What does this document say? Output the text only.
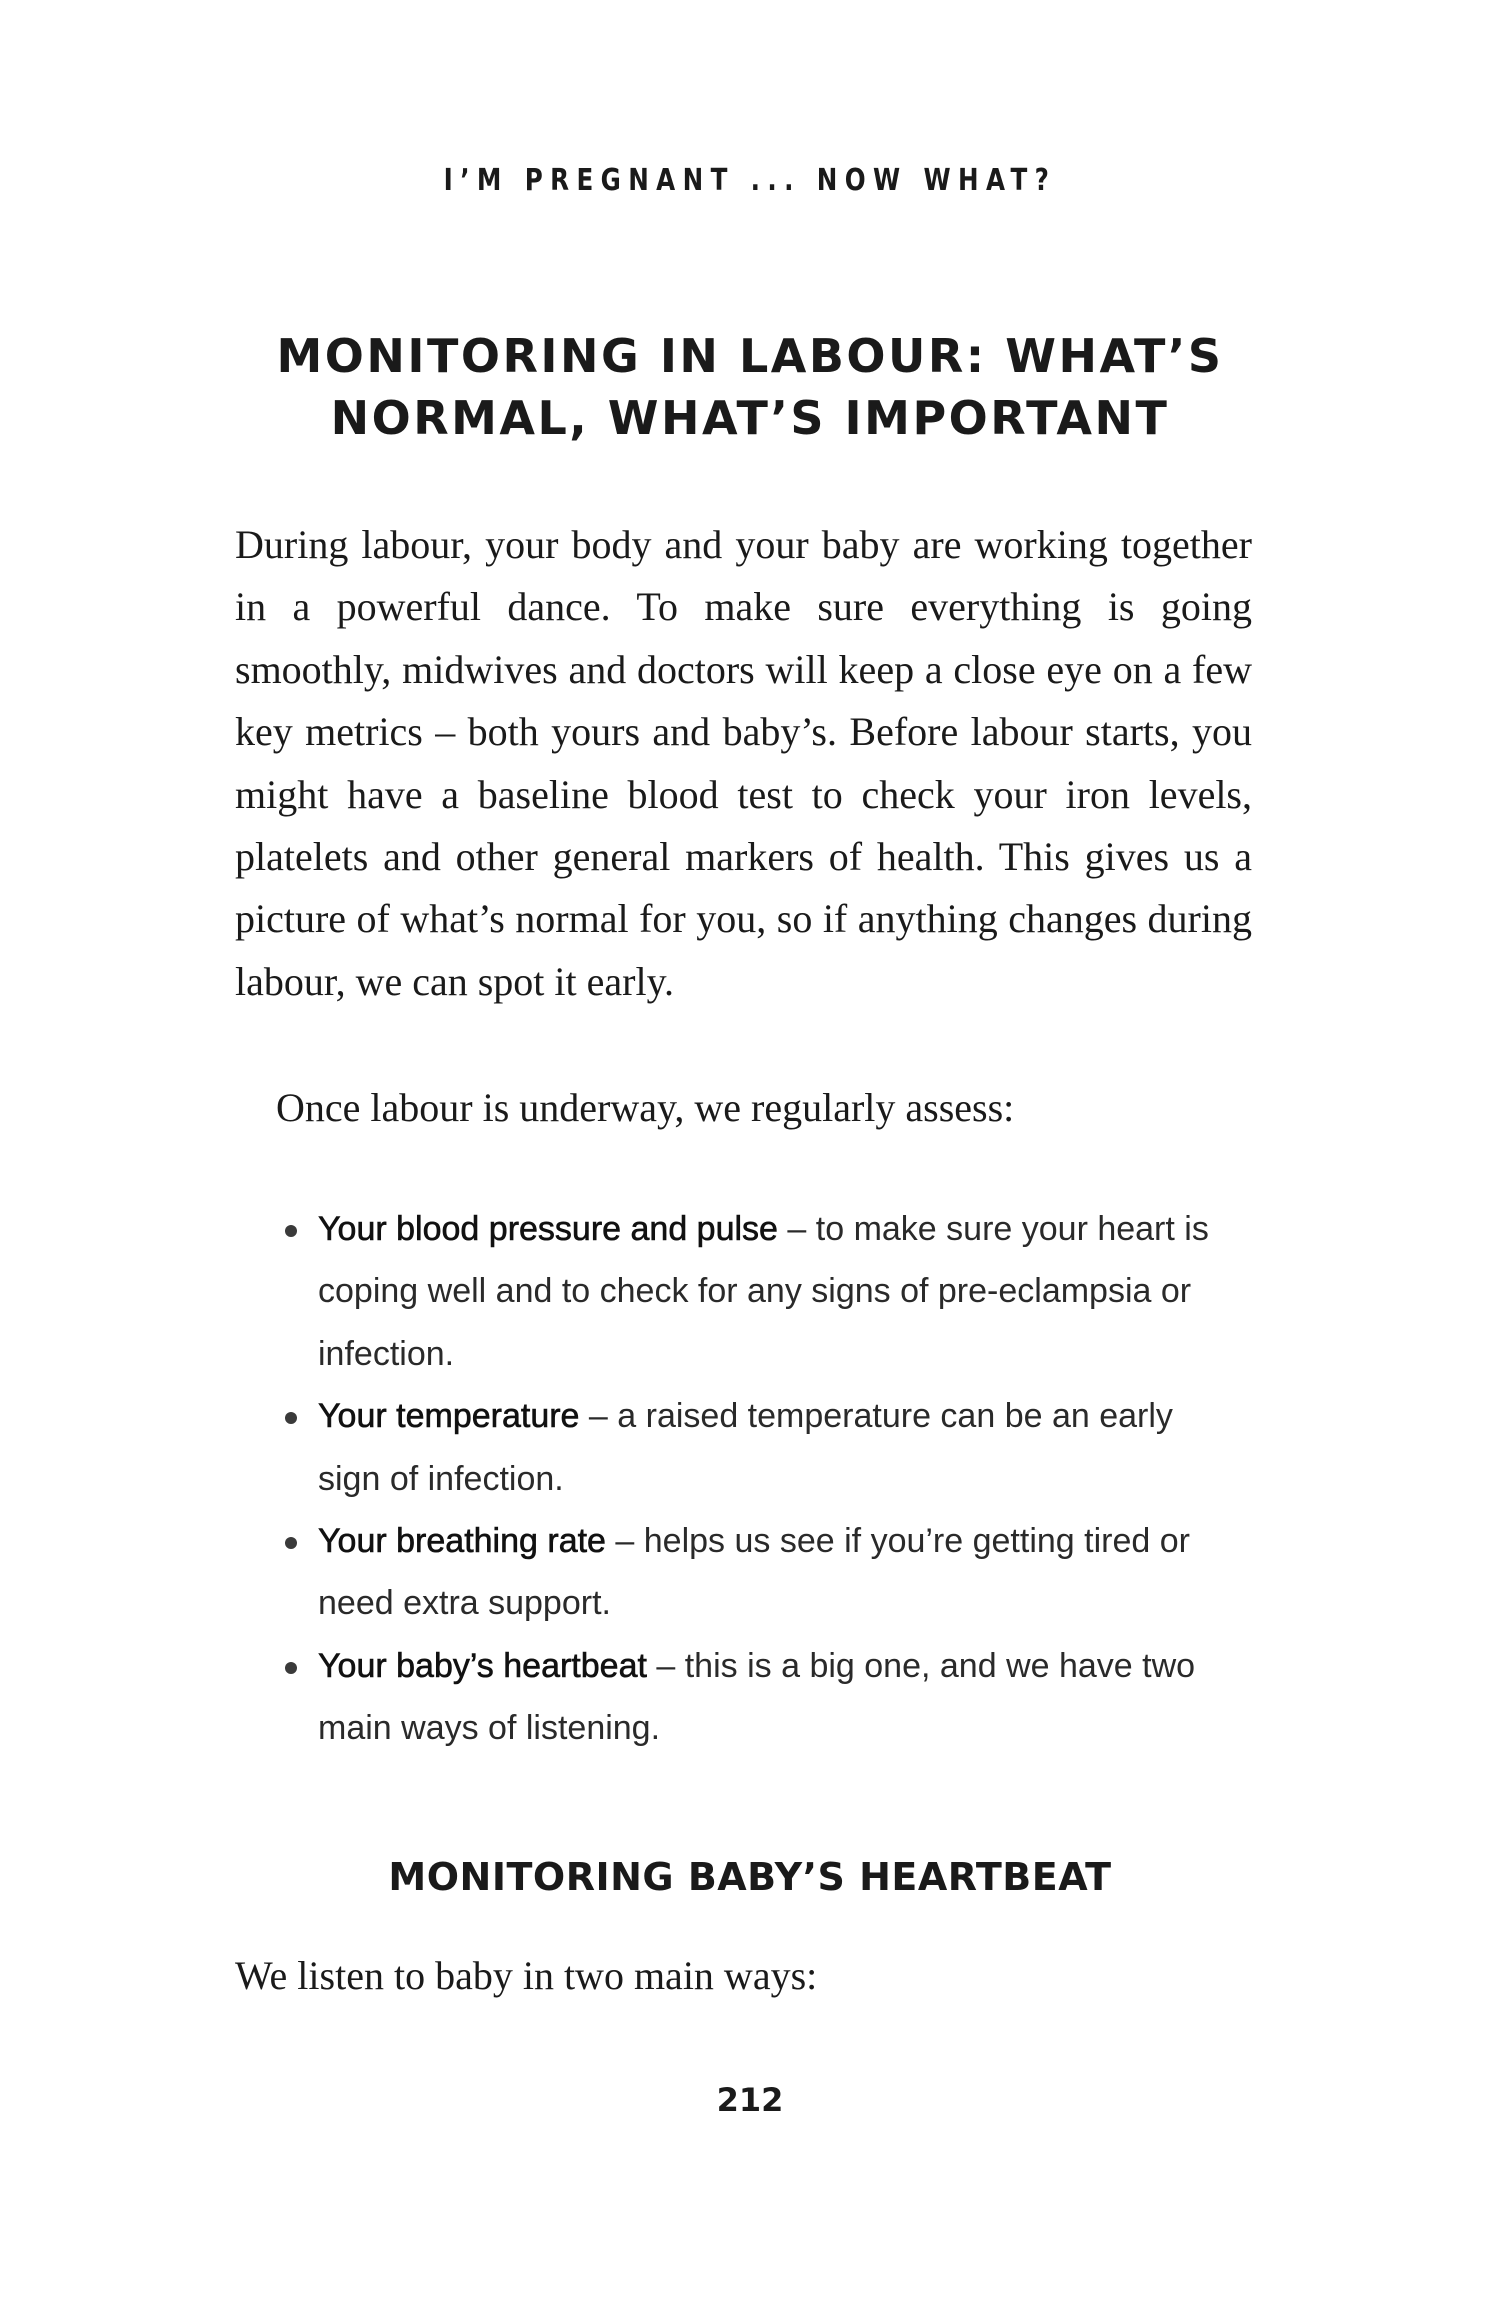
I’M PREGNANT ... NOW WHAT?
MONITORING IN LABOUR: WHAT’S
NORMAL, WHAT’S IMPORTANT
During labour, your body and your baby are working together in a powerful dance. To make sure everything is going smoothly, midwives and doctors will keep a close eye on a few key metrics – both yours and baby’s. Before labour starts, you might have a baseline blood test to check your iron levels, platelets and other general markers of health. This gives us a picture of what’s normal for you, so if anything changes during labour, we can spot it early.
Once labour is underway, we regularly assess:
Your blood pressure and pulse – to make sure your heart is coping well and to check for any signs of pre-eclampsia or infection.
Your temperature – a raised temperature can be an early sign of infection.
Your breathing rate – helps us see if you’re getting tired or need extra support.
Your baby’s heartbeat – this is a big one, and we have two main ways of listening.
MONITORING BABY’S HEARTBEAT
We listen to baby in two main ways:
212
